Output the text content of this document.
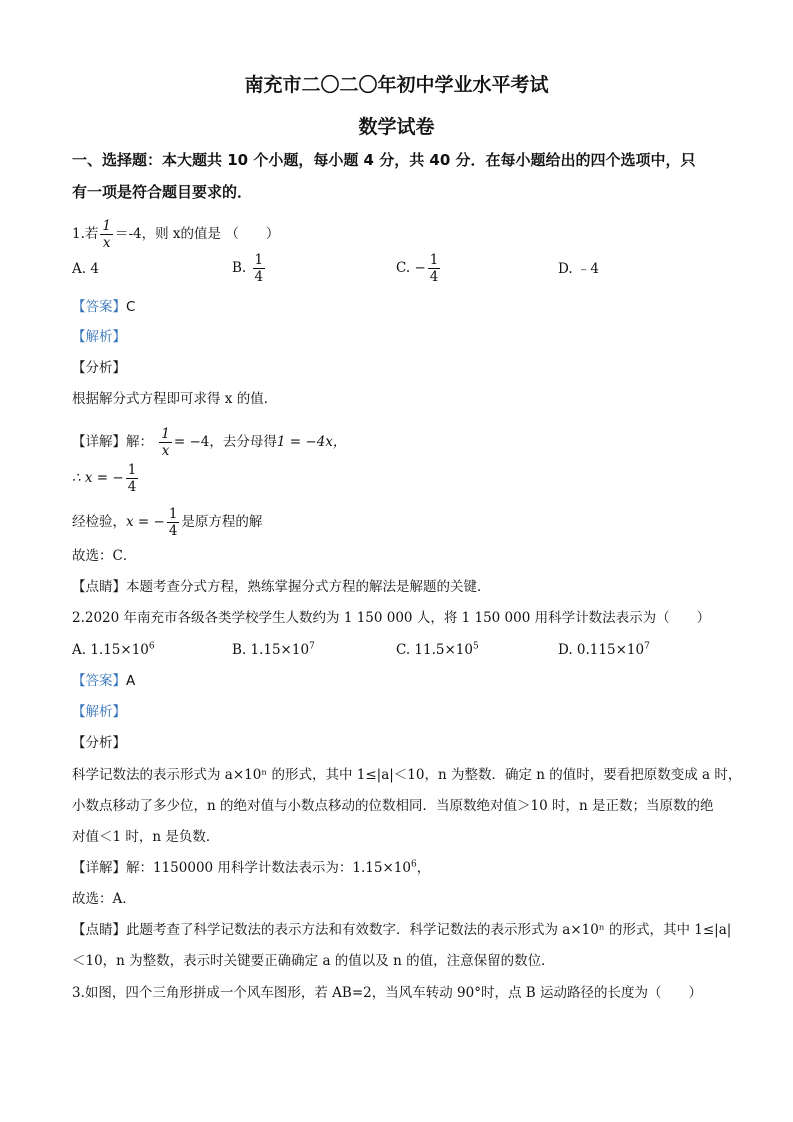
南充市二〇二〇年初中学业水平考试
数学试卷
一、选择题：本大题共 10 个小题，每小题 4 分，共 40 分．在每小题给出的四个选项中，只
有一项是符合题目要求的．
1.若 $\frac{1}{x} =-4$，则 x的值是 （　　）
A. 4	B. $\frac{1}{4}$	C. − $\frac{1}{4}$	D. ﹣4
【答案】C
【解析】
【分析】
根据解分式方程即可求得 x 的值．
【详解】解： $\frac{1}{x} = -4$，去分母得1 = −4x，
∴ x = − $\frac{1}{4}$
经检验，x = − $\frac{1}{4}$ 是原方程的解
故选：C．
【点睛】本题考查分式方程，熟练掌握分式方程的解法是解题的关键．
2.2020 年南充市各级各类学校学生人数约为 1 150 000 人，将 1 150 000 用科学计数法表示为（　　）
A. $1.15\times 10^6$	B. $1.15\times 10^7$	C. $11.5\times 10^5$	D. $0.115\times 10^7$
【答案】A
【解析】
【分析】
科学记数法的表示形式为 a×10ⁿ 的形式，其中 1≤|a|＜10，n 为整数．确定 n 的值时，要看把原数变成 a 时，
小数点移动了多少位，n 的绝对值与小数点移动的位数相同．当原数绝对值＞10 时，n 是正数；当原数的绝
对值＜1 时，n 是负数．
【详解】解：1150000 用科学计数法表示为：$1.15\times 10^6$，
故选：A．
【点睛】此题考查了科学记数法的表示方法和有效数字．科学记数法的表示形式为 a×10ⁿ 的形式，其中 1≤|a|
＜10，n 为整数，表示时关键要正确确定 a 的值以及 n 的值，注意保留的数位．
3.如图，四个三角形拼成一个风车图形，若 AB=2，当风车转动 90°时，点 B 运动路径的长度为（　　）
